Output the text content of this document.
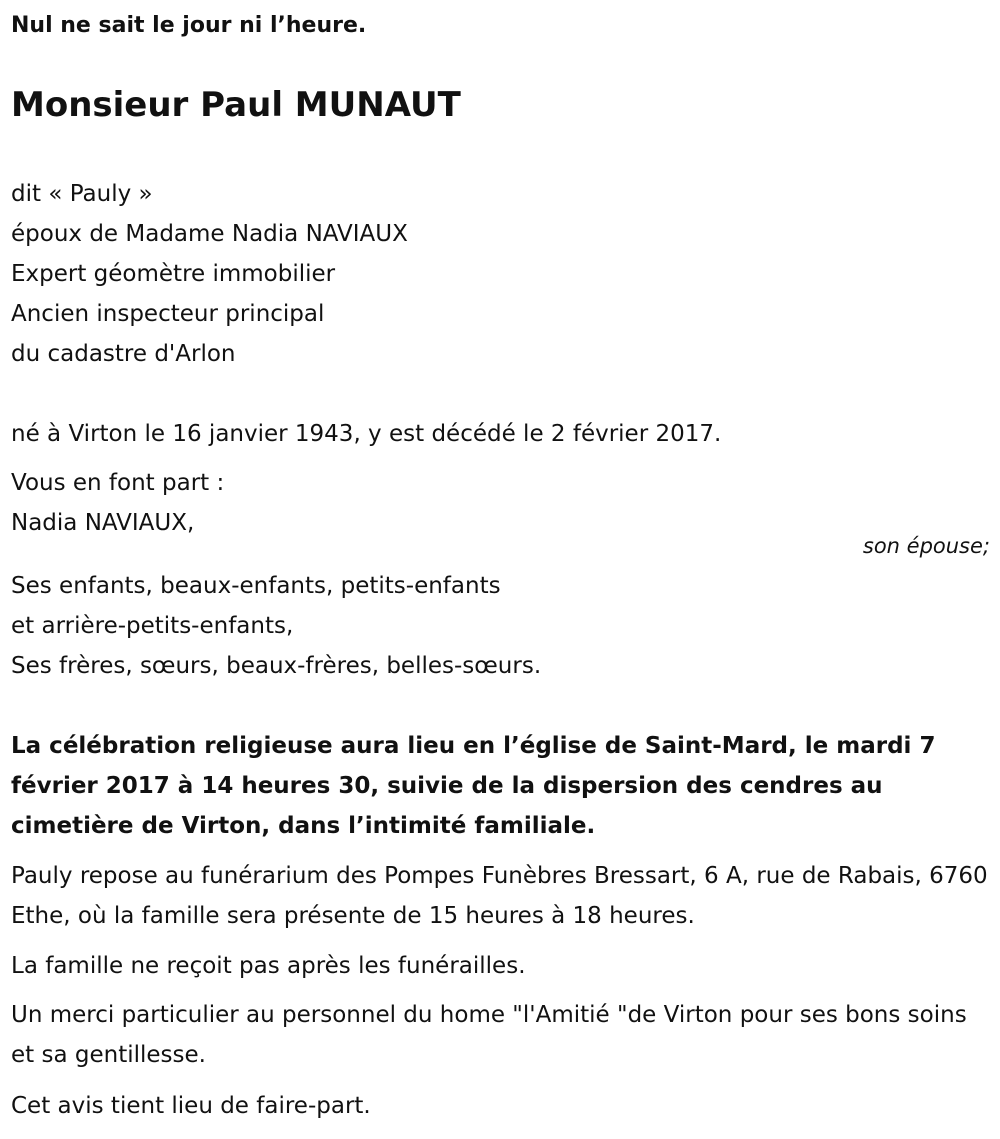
Nul ne sait le jour ni l’heure.

Monsieur Paul MUNAUT
dit « Pauly »
époux de Madame Nadia NAVIAUX
Expert géomètre immobilier
Ancien inspecteur principal
du cadastre d'Arlon

né à Virton le 16 janvier 1943, y est décédé le 2 février 2017.

Vous en font part :
Nadia NAVIAUX,

son épouse;

Ses enfants, beaux-enfants, petits-enfants
et arrière-petits-enfants,
Ses frères, sœurs, beaux-frères, belles-sœurs.

La célébration religieuse aura lieu en l’église de Saint-Mard, le mardi 7 février 2017 à 14 heures 30, suivie de la dispersion des cendres au cimetière de Virton, dans l’intimité familiale.

Pauly repose au funérarium des Pompes Funèbres Bressart, 6 A, rue de Rabais, 6760 Ethe, où la famille sera présente de 15 heures à 18 heures.

La famille ne reçoit pas après les funérailles.

Un merci particulier au personnel du home "l'Amitié "de Virton pour ses bons soins et sa gentillesse.

Cet avis tient lieu de faire-part.
